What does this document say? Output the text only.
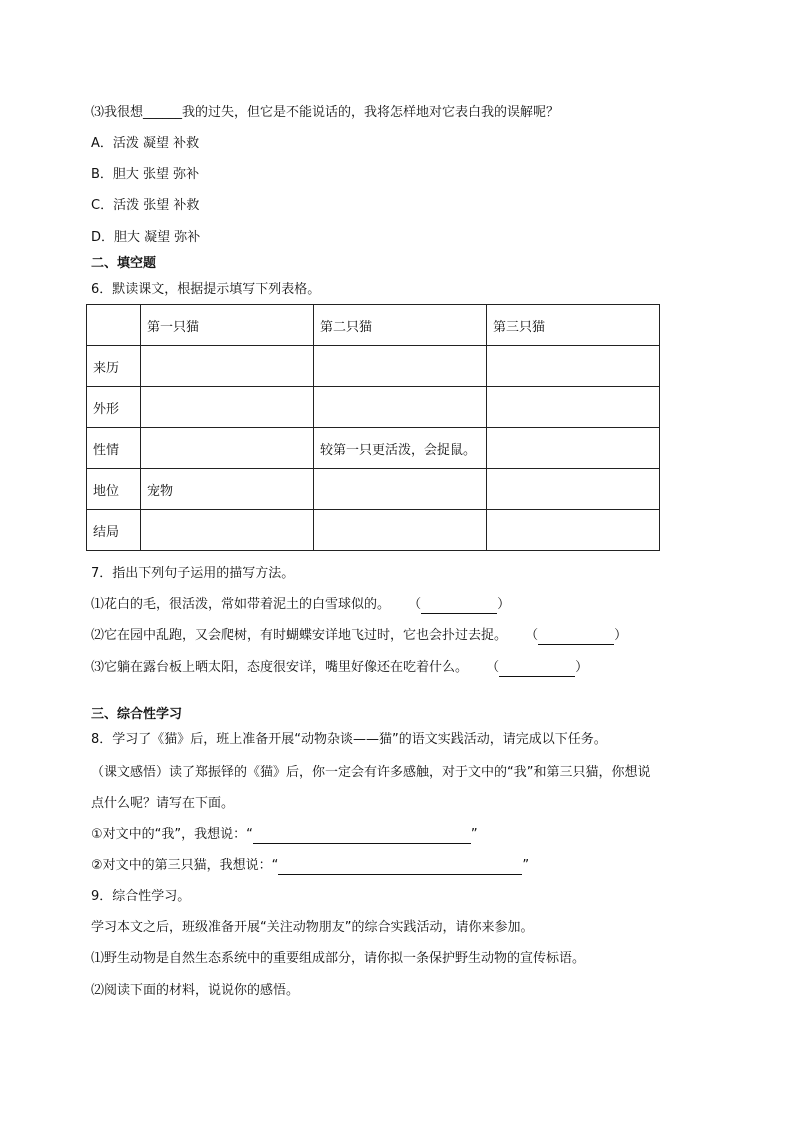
⑶我很想______我的过失，但它是不能说话的，我将怎样地对它表白我的误解呢？
A．活泼 凝望 补救
B．胆大 张望 弥补
C．活泼 张望 补救
D．胆大 凝望 弥补
二、填空题
6．默读课文，根据提示填写下列表格。
	第一只猫	第二只猫	第三只猫
来历			
外形			
性情		较第一只更活泼，会捉鼠。	
地位	宠物		
结局			
7．指出下列句子运用的描写方法。
⑴花白的毛，很活泼，常如带着泥土的白雪球似的。 （	）
⑵它在园中乱跑，又会爬树，有时蝴蝶安详地飞过时，它也会扑过去捉。 （	）
⑶它躺在露台板上晒太阳，态度很安详，嘴里好像还在吃着什么。 （	）
三、综合性学习
8．学习了《猫》后，班上准备开展“动物杂谈——猫”的语文实践活动，请完成以下任务。
（课文感悟）读了郑振铎的《猫》后，你一定会有许多感触，对于文中的“我”和第三只猫，你想说
点什么呢？请写在下面。
①对文中的“我”，我想说：“	”
②对文中的第三只猫，我想说：“	”
9．综合性学习。
学习本文之后，班级准备开展“关注动物朋友”的综合实践活动，请你来参加。
⑴野生动物是自然生态系统中的重要组成部分，请你拟一条保护野生动物的宣传标语。
⑵阅读下面的材料，说说你的感悟。
